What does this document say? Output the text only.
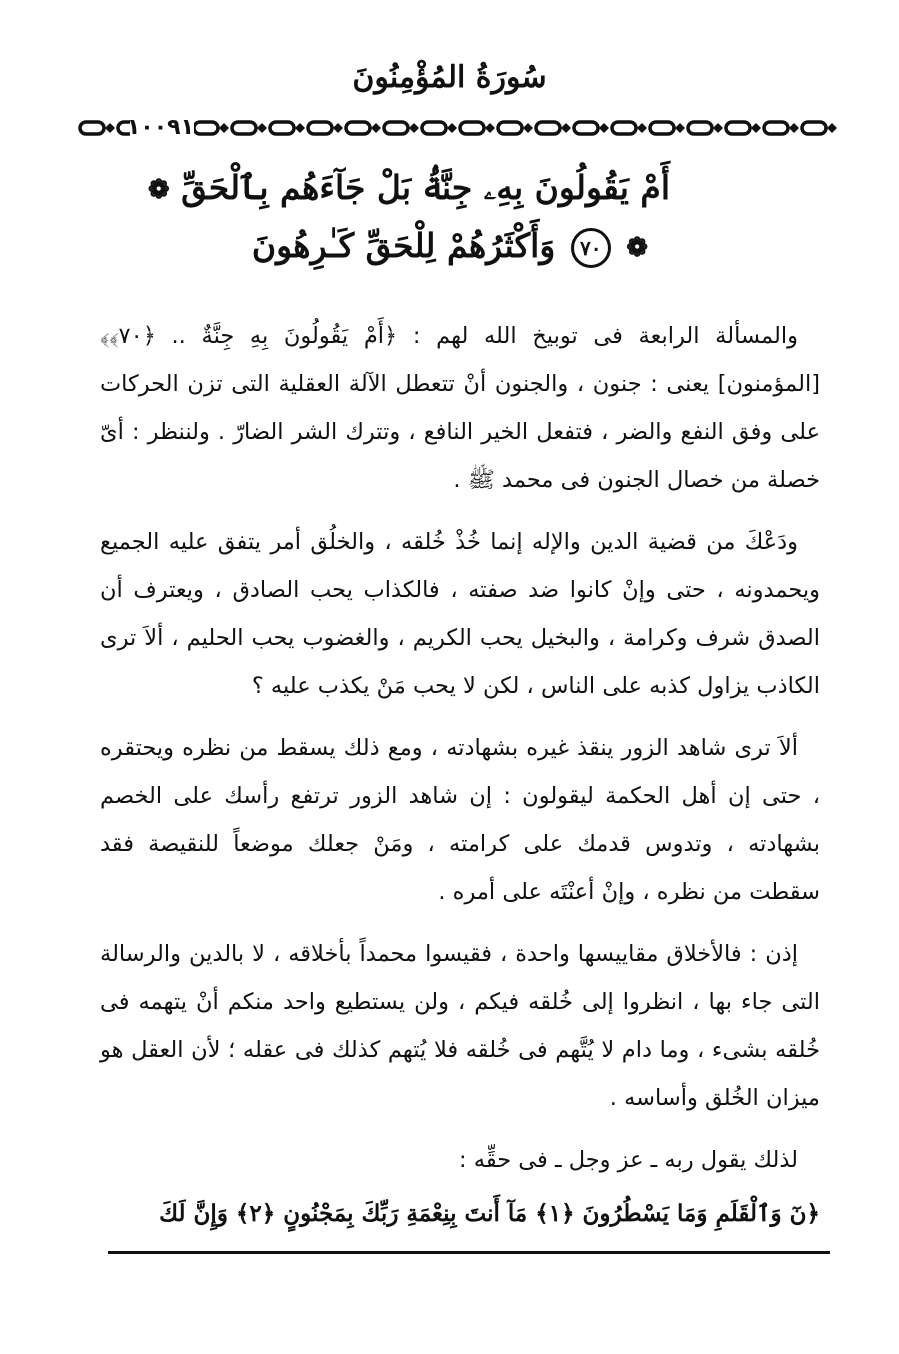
سُورَةُ المُؤْمِنُونَ
١٠٠٩١
أَمْ يَقُولُونَ بِهِۦ جِنَّةُۢ بَلْ جَآءَهُم بِٱلْحَقِّ ❁
❁ ٧٠ وَأَكْثَرُهُمْ لِلْحَقِّ كَـٰرِهُونَ

والمسألة الرابعة فى توبيخ الله لهم : ﴿أَمْ يَقُولُونَ بِهِ جِنَّةٌ .. ﴿٧٠﴾﴾ [المؤمنون] يعنى : جنون ، والجنون أنْ تتعطل الآلة العقلية التى تزن الحركات على وفق النفع والضر ، فتفعل الخير النافع ، وتترك الشر الضارّ . ولننظر : أىّ خصلة من خصال الجنون فى محمد ﷺ .

ودَعْكَ من قضية الدين والإله إنما خُذْ خُلقه ، والخلُق أمر يتفق عليه الجميع ويحمدونه ، حتى وإنْ كانوا ضد صفته ، فالكذاب يحب الصادق ، ويعترف أن الصدق شرف وكرامة ، والبخيل يحب الكريم ، والغضوب يحب الحليم ، ألاَ ترى الكاذب يزاول كذبه على الناس ، لكن لا يحب مَنْ يكذب عليه ؟

ألاَ ترى شاهد الزور ينقذ غيره بشهادته ، ومع ذلك يسقط من نظره ويحتقره ، حتى إن أهل الحكمة ليقولون : إن شاهد الزور ترتفع رأسك على الخصم بشهادته ، وتدوس قدمك على كرامته ، ومَنْ جعلك موضعاً للنقيصة فقد سقطت من نظره ، وإنْ أعنْتَه على أمره .

إذن : فالأخلاق مقاييسها واحدة ، فقيسوا محمداً بأخلاقه ، لا بالدين والرسالة التى جاء بها ، انظروا إلى خُلقه فيكم ، ولن يستطيع واحد منكم أنْ يتهمه فى خُلقه بشىء ، وما دام لا يُتَّهم فى خُلقه فلا يُتهم كذلك فى عقله ؛ لأن العقل هو ميزان الخُلق وأساسه .

لذلك يقول ربه ـ عز وجل ـ فى حقِّه :

﴿نٓ وَٱلْقَلَمِ وَمَا يَسْطُرُونَ ﴿١﴾ مَآ أَنتَ بِنِعْمَةِ رَبِّكَ بِمَجْنُونٍ ﴿٢﴾ وَإِنَّ لَكَ
